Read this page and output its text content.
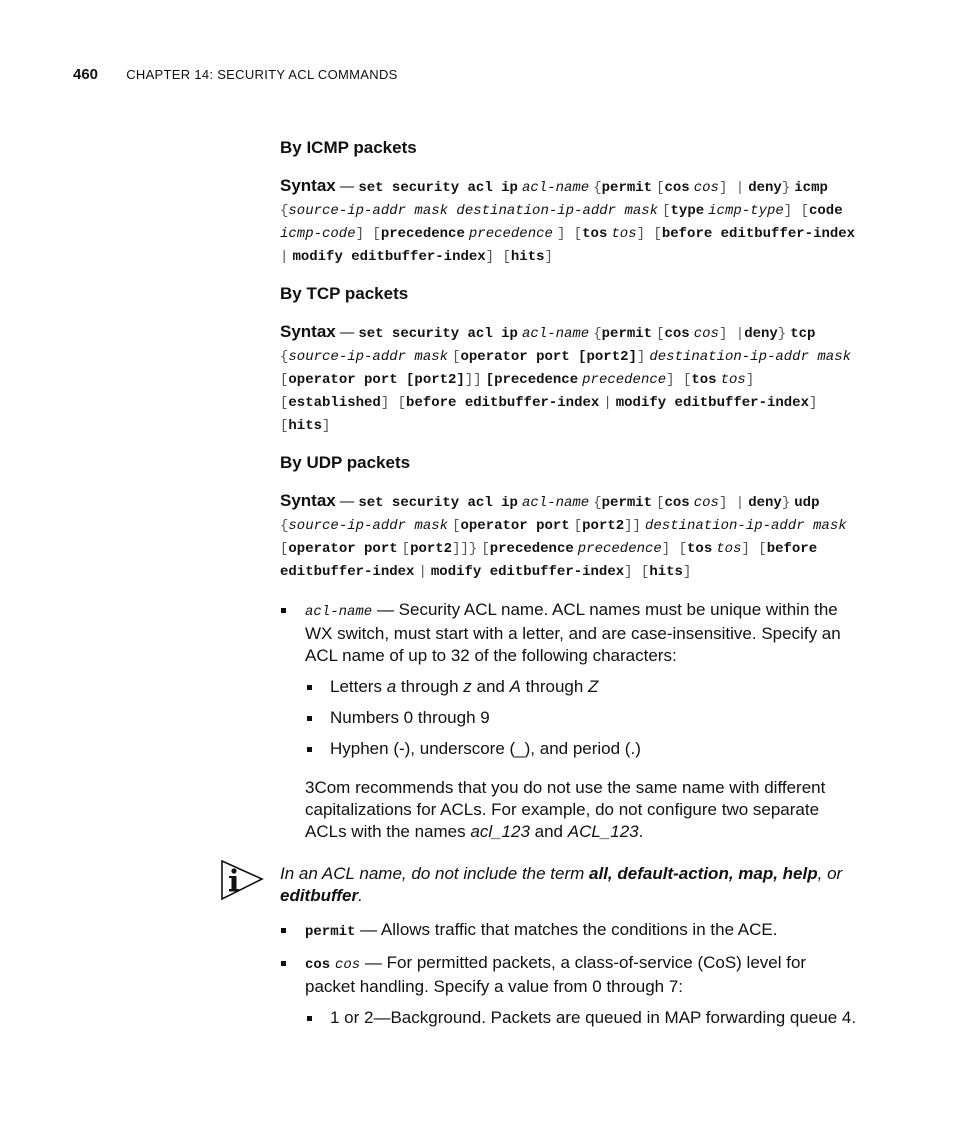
460 CHAPTER 14: SECURITY ACL COMMANDS
By ICMP packets

Syntax — set security acl ip acl-name {permit [cos cos] | deny} icmp {source-ip-addr mask destination-ip-addr mask [type icmp-type] [code icmp-code] [precedence precedence ] [tos tos] [before editbuffer-index | modify editbuffer-index] [hits]

By TCP packets

Syntax — set security acl ip acl-name {permit [cos cos] |deny} tcp {source-ip-addr mask [operator port [port2]] destination-ip-addr mask [operator port [port2]]] [precedence precedence] [tos tos] [established] [before editbuffer-index | modify editbuffer-index] [hits]

By UDP packets

Syntax — set security acl ip acl-name {permit [cos cos] | deny} udp {source-ip-addr mask [operator port [port2]] destination-ip-addr mask [operator port [port2]]} [precedence precedence] [tos tos] [before editbuffer-index | modify editbuffer-index] [hits]

acl-name — Security ACL name. ACL names must be unique within the WX switch, must start with a letter, and are case-insensitive. Specify an ACL name of up to 32 of the following characters:
Letters a through z and A through Z
Numbers 0 through 9
Hyphen (-), underscore (_), and period (.)

3Com recommends that you do not use the same name with different capitalizations for ACLs. For example, do not configure two separate ACLs with the names acl_123 and ACL_123.

In an ACL name, do not include the term all, default-action, map, help, or editbuffer.
permit — Allows traffic that matches the conditions in the ACE.
cos cos — For permitted packets, a class-of-service (CoS) level for packet handling. Specify a value from 0 through 7:
1 or 2—Background. Packets are queued in MAP forwarding queue 4.
